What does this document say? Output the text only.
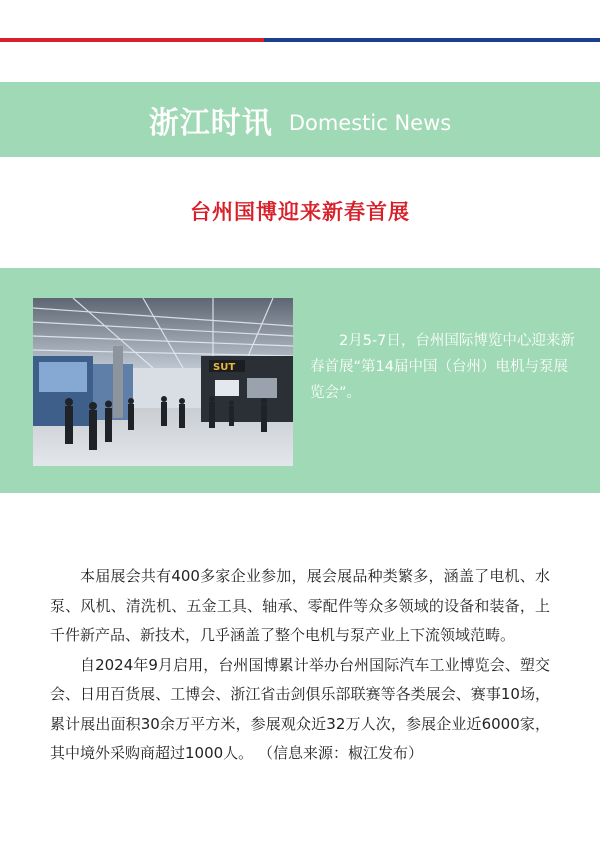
浙江时讯 Domestic News
台州国博迎来新春首展
SUT
2月5-7日，台州国际博览中心迎来新春首展“第14届中国（台州）电机与泵展览会”。

本届展会共有400多家企业参加，展会展品种类繁多，涵盖了电机、水泵、风机、清洗机、五金工具、轴承、零配件等众多领域的设备和装备，上千件新产品、新技术，几乎涵盖了整个电机与泵产业上下流领域范畴。

自2024年9月启用，台州国博累计举办台州国际汽车工业博览会、塑交会、日用百货展、工博会、浙江省击剑俱乐部联赛等各类展会、赛事10场，累计展出面积30余万平方米，参展观众近32万人次，参展企业近6000家，其中境外采购商超过1000人。 （信息来源：椒江发布）
